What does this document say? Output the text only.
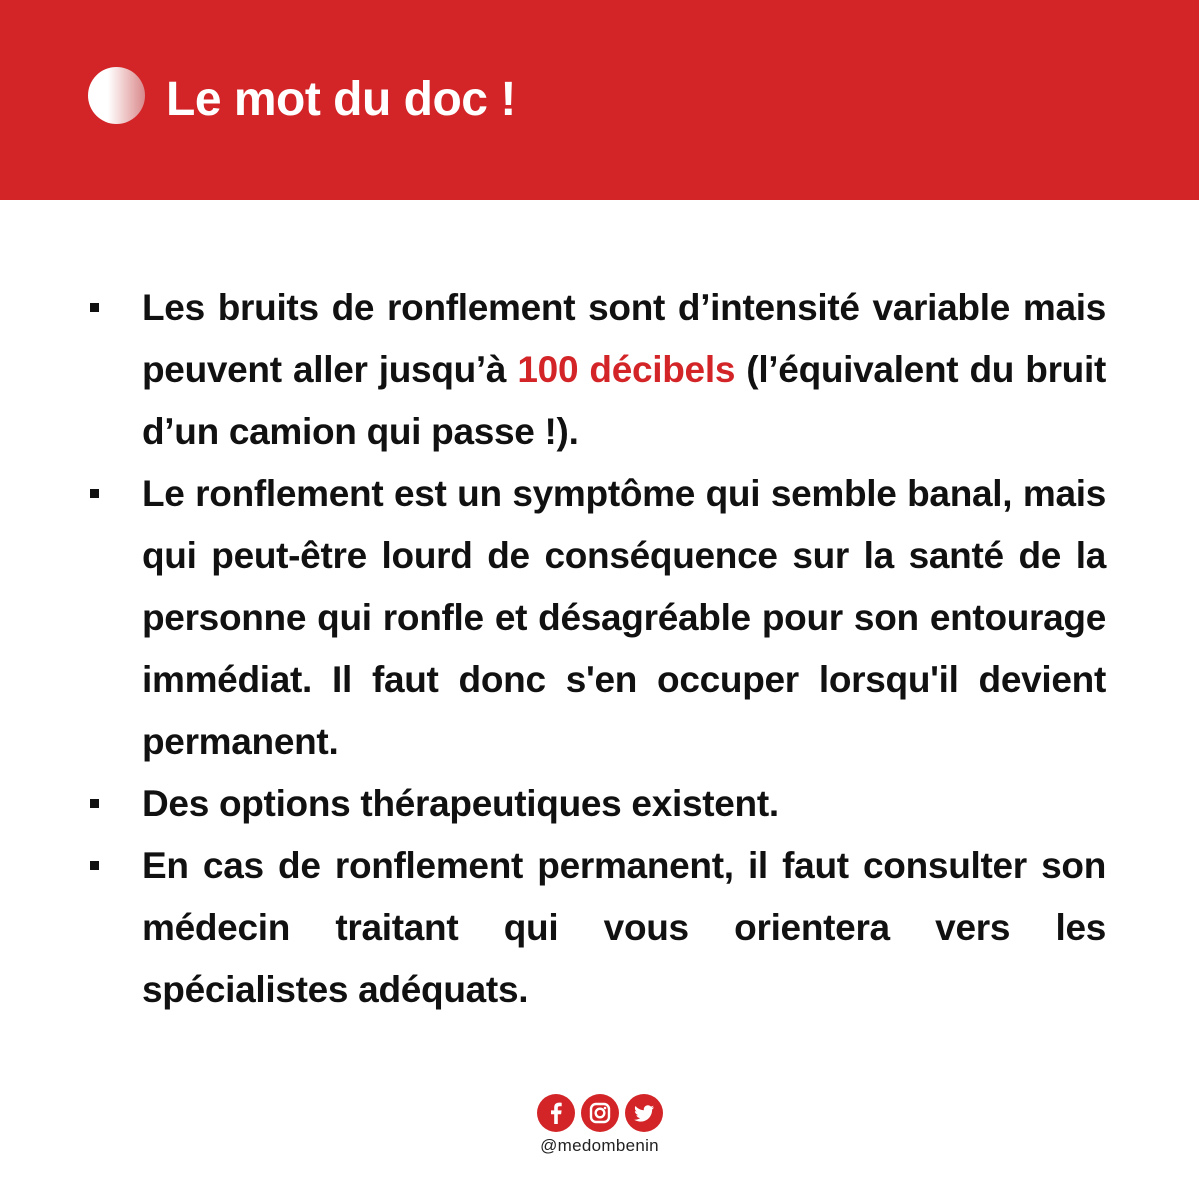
Le mot du doc !
Les bruits de ronflement sont d’intensité variable mais peuvent aller jusqu’à 100 décibels (l’équivalent du bruit d’un camion qui passe !).
Le ronflement est un symptôme qui semble banal, mais qui peut-être lourd de conséquence sur la santé de la personne qui ronfle et désagréable pour son entourage immédiat. Il faut donc s'en occuper lorsqu'il devient permanent.
Des options thérapeutiques existent.
En cas de ronflement permanent, il faut consulter son médecin traitant qui vous orientera vers les spécialistes adéquats.
@medombenin
